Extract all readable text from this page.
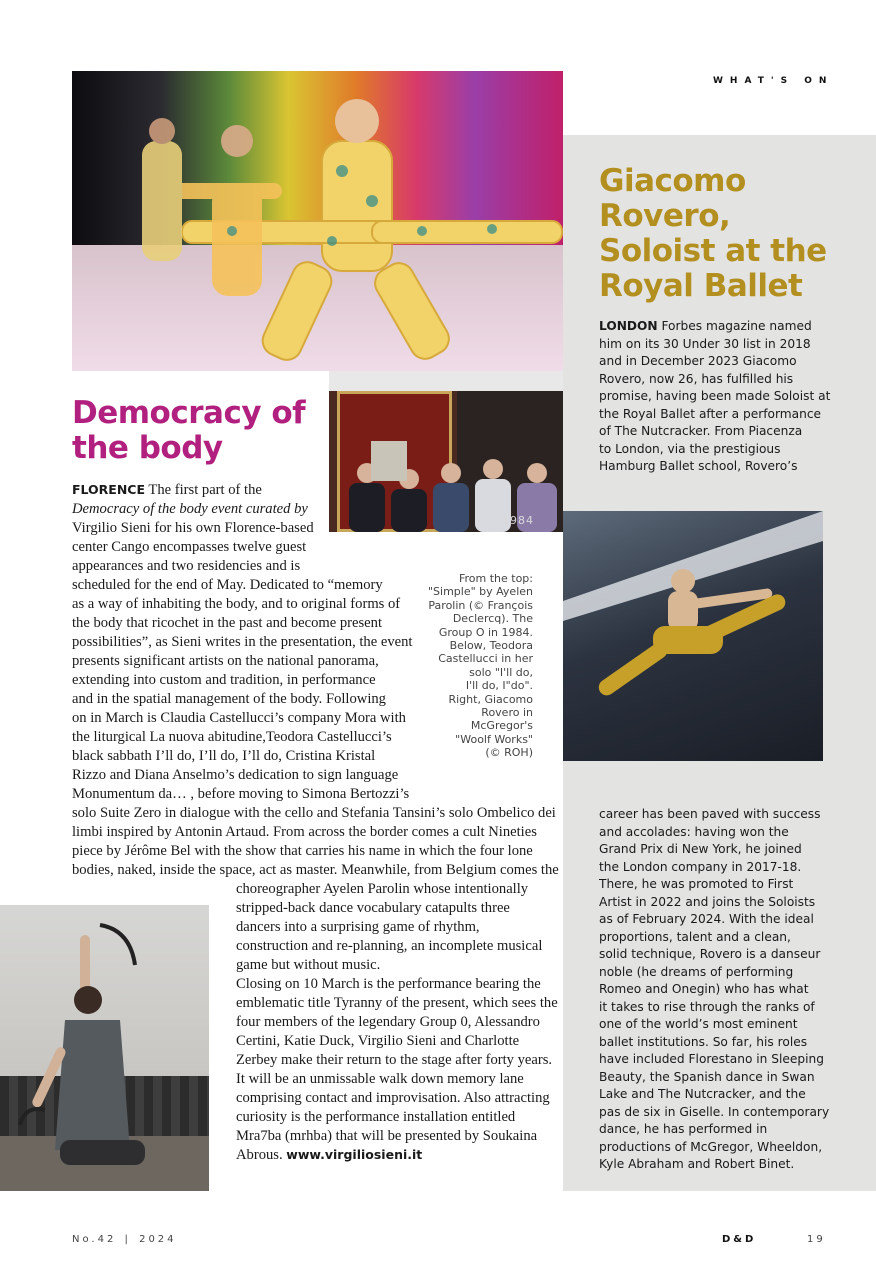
WHAT'S ON
1984
Democracy of the body
FLORENCE The first part of the
Democracy of the body event curated by
Virgilio Sieni for his own Florence-based
center Cango encompasses twelve guest
appearances and two residencies and is
scheduled for the end of May. Dedicated to “memory
as a way of inhabiting the body, and to original forms of
the body that ricochet in the past and become present
possibilities”, as Sieni writes in the presentation, the event
presents significant artists on the national panorama,
extending into custom and tradition, in performance
and in the spatial management of the body. Following
on in March is Claudia Castellucci’s company Mora with
the liturgical La nuova abitudine,Teodora Castellucci’s
black sabbath I’ll do, I’ll do, I’ll do, Cristina Kristal
Rizzo and Diana Anselmo’s dedication to sign language
Monumentum da… , before moving to Simona Bertozzi’s
solo Suite Zero in dialogue with the cello and Stefania Tansini’s solo Ombelico dei
limbi inspired by Antonin Artaud. From across the border comes a cult Nineties
piece by Jérôme Bel with the show that carries his name in which the four lone
bodies, naked, inside the space, act as master. Meanwhile, from Belgium comes the
choreographer Ayelen Parolin whose intentionally
stripped-back dance vocabulary catapults three
dancers into a surprising game of rhythm,
construction and re-planning, an incomplete musical
game but without music.
Closing on 10 March is the performance bearing the
emblematic title Tyranny of the present, which sees the
four members of the legendary Group 0, Alessandro
Certini, Katie Duck, Virgilio Sieni and Charlotte
Zerbey make their return to the stage after forty years.
It will be an unmissable walk down memory lane
comprising contact and improvisation. Also attracting
curiosity is the performance installation entitled
Mra7ba (mrhba) that will be presented by Soukaina
Abrous. www.virgiliosieni.it
From the top:
"Simple" by Ayelen
Parolin (© François
Declercq). The
Group O in 1984.
Below, Teodora
Castellucci in her
solo "I'll do,
I'll do, I"do".
Right, Giacomo
Rovero in
McGregor's
"Woolf Works"
(© ROH)
Giacomo
Rovero,
Soloist at the
Royal Ballet
LONDON Forbes magazine named
him on its 30 Under 30 list in 2018
and in December 2023 Giacomo
Rovero, now 26, has fulfilled his
promise, having been made Soloist at
the Royal Ballet after a performance
of The Nutcracker. From Piacenza
to London, via the prestigious
Hamburg Ballet school, Rovero’s
career has been paved with success
and accolades: having won the
Grand Prix di New York, he joined
the London company in 2017-18.
There, he was promoted to First
Artist in 2022 and joins the Soloists
as of February 2024. With the ideal
proportions, talent and a clean,
solid technique, Rovero is a danseur
noble (he dreams of performing
Romeo and Onegin) who has what
it takes to rise through the ranks of
one of the world’s most eminent
ballet institutions. So far, his roles
have included Florestano in Sleeping
Beauty, the Spanish dance in Swan
Lake and The Nutcracker, and the
pas de six in Giselle. In contemporary
dance, he has performed in
productions of McGregor, Wheeldon,
Kyle Abraham and Robert Binet.
No.42 | 2024	D&D	19
